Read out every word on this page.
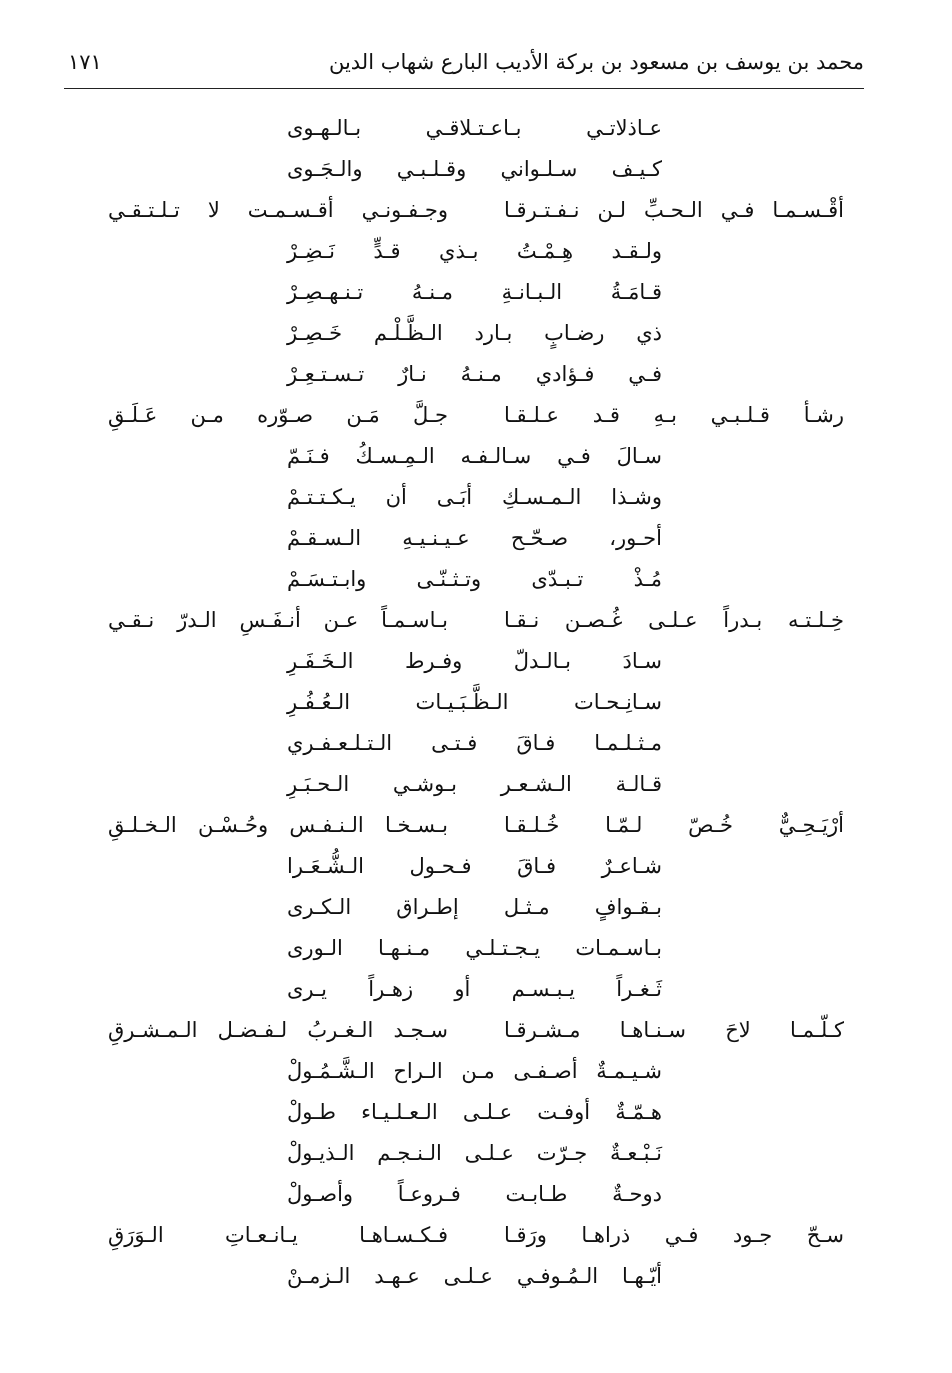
محمد بن يوسف بن مسعود بن بركة الأديب البارع شهاب الدين
١٧١
عـاذلاتـي بـاعـتـلاقـي بـالـهـوى
كـيـف سـلـواني وقـلـبـي والـجَـوى
أقْـسـمـا فـي الـحـبِّ لـن نـفـتـرقـا
وجـفـونـي أقـسـمـت لا تـلـتـقـي
ولـقـد هِـمْـتُ بـذي قـدٍّ نَـضِـرْ
قـامَـةُ الـبـانـةِ مـنـهُ تـنـهـصِـرْ
ذي رضـابٍ بـارد الـظَّـلْـم خَـصِـرْ
فـي فـؤادي مـنـهُ نـارٌ تـسـتـعِـرْ
رشـأ قـلـبـي بـهِ قـد عـلـقـا
جـلَّ مَـن صـوّره مـن عَـلَـقِ
سـالَ فـي سـالـفـه الـمِـسـكُ فـنَـمّ
وشـذا الـمـسـكِ أبَـى أن يـكـتـتـمْ
أحـور، صـحّـح عـيـنـيـهِ الـسـقـمْ
مُـذْ تـبـدّى وتـثـنّـى وابـتـسَـمْ
خِـلـتـه بـدراً عـلـى غُـصـن نـقـا
بـاسـمـاً عـن أنـفَـسِ الـدرّ نـقـي
سـادَ بـالـدلّ وفـرط الـخَـفَـرِ
سـانِـحـات الـظَّـبَـيـات الـعُـفُـرِ
مـثـلـمـا فـاقَ فـتـى الـتـلـعـفـري
قـالـة الـشـعـر بـوشـي الـحـبَـرِ
أرْيَـحِـيٌّ خُـصّ لـمّـا خُـلـقـا
بـسـخـا الـنـفـس وحُـسْـن الـخـلـقِ
شـاعـرٌ فـاقَ فـحـول الـشُّـعَـرا
بـقـوافٍ مـثـل إطـراق الـكـرى
بـاسـمـات يـجـتـلـي مـنـهـا الـورى
ثَـغـراً يـبـسـم أو زهـراً يـرى
كـلّـمـا لاحَ سـنـاهـا مـشـرقـا
سـجـد الـغـربُ لـفـضـل الـمـشـرقِ
شـيـمـةٌ أصـفـى مـن الـراح الـشَّـمُـولْ
هـمّـةٌ أوفـت عـلـى الـعـلـيـاء طـولْ
نَـبْـعـةٌ جـرّت عـلـى الـنـجـم الـذيـولْ
دوحـةٌ طـابـت فـروعـاً وأصـولْ
سـحّ جـود فـي ذراهـا ورَقـا
فـكـسـاهـا يـانـعـاتِ الـوَرَقِ
أيّـهـا الـمُـوفـي عـلـى عـهـد الـزمـنْ
